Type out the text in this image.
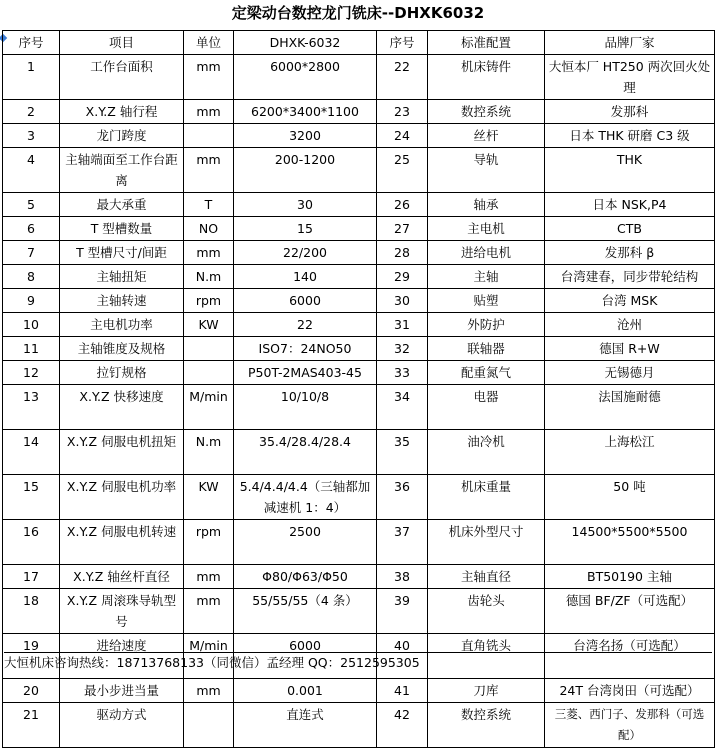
定梁动台数控龙门铣床--DHXK6032
序号	项目	单位	DHXK-6032	序号	标准配置	品牌厂家
1	工作台面积	mm	6000*2800	22	机床铸件	大恒本厂 HT250 两次回火处理
2	X.Y.Z 轴行程	mm	6200*3400*1100	23	数控系统	发那科
3	龙门跨度		3200	24	丝杆	日本 THK 研磨 C3 级
4	主轴端面至工作台距离	mm	200-1200	25	导轨	THK
5	最大承重	T	30	26	轴承	日本 NSK,P4
6	T 型槽数量	NO	15	27	主电机	CTB
7	T 型槽尺寸/间距	mm	22/200	28	进给电机	发那科 β
8	主轴扭矩	N.m	140	29	主轴	台湾建春，同步带轮结构
9	主轴转速	rpm	6000	30	贴塑	台湾 MSK
10	主电机功率	KW	22	31	外防护	沧州
11	主轴锥度及规格		ISO7：24NO50	32	联轴器	德国 R+W
12	拉钉规格		P50T-2MAS403-45	33	配重氮气	无锡德月
13	X.Y.Z 快移速度	M/min	10/10/8	34	电器	法国施耐德
14	X.Y.Z 伺服电机扭矩	N.m	35.4/28.4/28.4	35	油冷机	上海松江
15	X.Y.Z 伺服电机功率	KW	5.4/4.4/4.4（三轴都加减速机 1：4）	36	机床重量	50 吨
16	X.Y.Z 伺服电机转速	rpm	2500	37	机床外型尺寸	14500*5500*5500
17	X.Y.Z 轴丝杆直径	mm	Φ80/Φ63/Φ50	38	主轴直径	BT50190 主轴
18	X.Y.Z 周滚珠导轨型号	mm	55/55/55（4 条）	39	齿轮头	德国 BF/ZF（可选配）
19	进给速度	M/min	6000	40	直角铣头	台湾名扬（可选配）
20	最小步进当量	mm	0.001	41	刀库	24T 台湾岗田（可选配）
21	驱动方式		直连式	42	数控系统	三菱、西门子、发那科（可选配）
大恒机床咨询热线：18713768133（同微信）孟经理 QQ：2512595305
